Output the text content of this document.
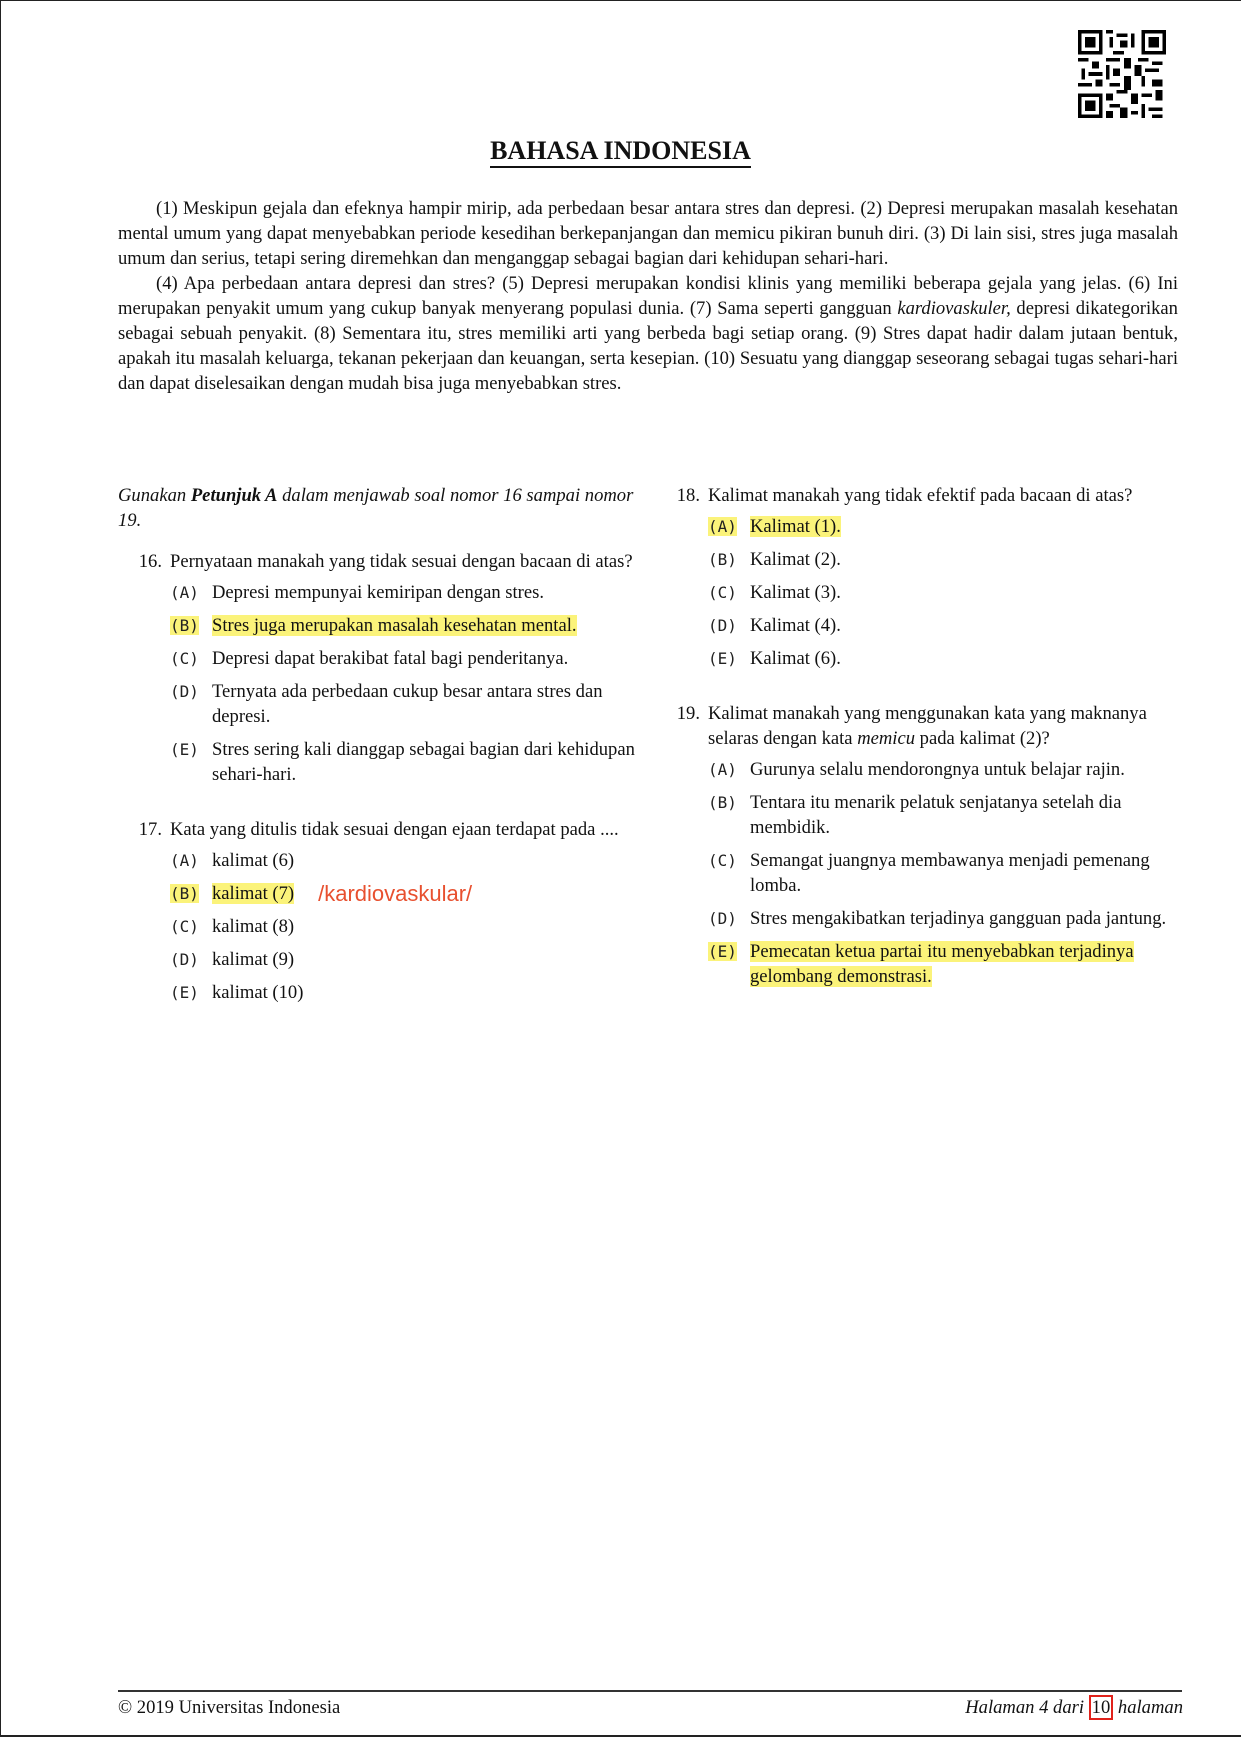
BAHASA INDONESIA

(1) Meskipun gejala dan efeknya hampir mirip, ada perbedaan besar antara stres dan depresi. (2) Depresi merupakan masalah kesehatan mental umum yang dapat menyebabkan periode kesedihan berkepanjangan dan memicu pikiran bunuh diri. (3) Di lain sisi, stres juga masalah umum dan serius, tetapi sering diremehkan dan menganggap sebagai bagian dari kehidupan sehari-hari.

(4) Apa perbedaan antara depresi dan stres? (5) Depresi merupakan kondisi klinis yang memiliki beberapa gejala yang jelas. (6) Ini merupakan penyakit umum yang cukup banyak menyerang populasi dunia. (7) Sama seperti gangguan kardiovaskuler, depresi dikategorikan sebagai sebuah penyakit. (8) Sementara itu, stres memiliki arti yang berbeda bagi setiap orang. (9) Stres dapat hadir dalam jutaan bentuk, apakah itu masalah keluarga, tekanan pekerjaan dan keuangan, serta kesepian. (10) Sesuatu yang dianggap seseorang sebagai tugas sehari-hari dan dapat diselesaikan dengan mudah bisa juga menyebabkan stres.

Gunakan Petunjuk A dalam menjawab soal nomor 16 sampai nomor 19.
16. Pernyataan manakah yang tidak sesuai dengan bacaan di atas?
(A) Depresi mempunyai kemiripan dengan stres.
(B) Stres juga merupakan masalah kesehatan mental.
(C) Depresi dapat berakibat fatal bagi penderitanya.
(D) Ternyata ada perbedaan cukup besar antara stres dan depresi.
(E) Stres sering kali dianggap sebagai bagian dari kehidupan sehari-hari.
17. Kata yang ditulis tidak sesuai dengan ejaan terdapat pada ....
(A) kalimat (6)
(B) kalimat (7) /kardiovaskular/
(C) kalimat (8)
(D) kalimat (9)
(E) kalimat (10)
18. Kalimat manakah yang tidak efektif pada bacaan di atas?
(A) Kalimat (1).
(B) Kalimat (2).
(C) Kalimat (3).
(D) Kalimat (4).
(E) Kalimat (6).
19. Kalimat manakah yang menggunakan kata yang maknanya selaras dengan kata memicu pada kalimat (2)?
(A) Gurunya selalu mendorongnya untuk belajar rajin.
(B) Tentara itu menarik pelatuk senjatanya setelah dia membidik.
(C) Semangat juangnya membawanya menjadi pemenang lomba.
(D) Stres mengakibatkan terjadinya gangguan pada jantung.
(E) Pemecatan ketua partai itu menyebabkan terjadinya gelombang demonstrasi.
© 2019 Universitas Indonesia	Halaman 4 dari 10 halaman
